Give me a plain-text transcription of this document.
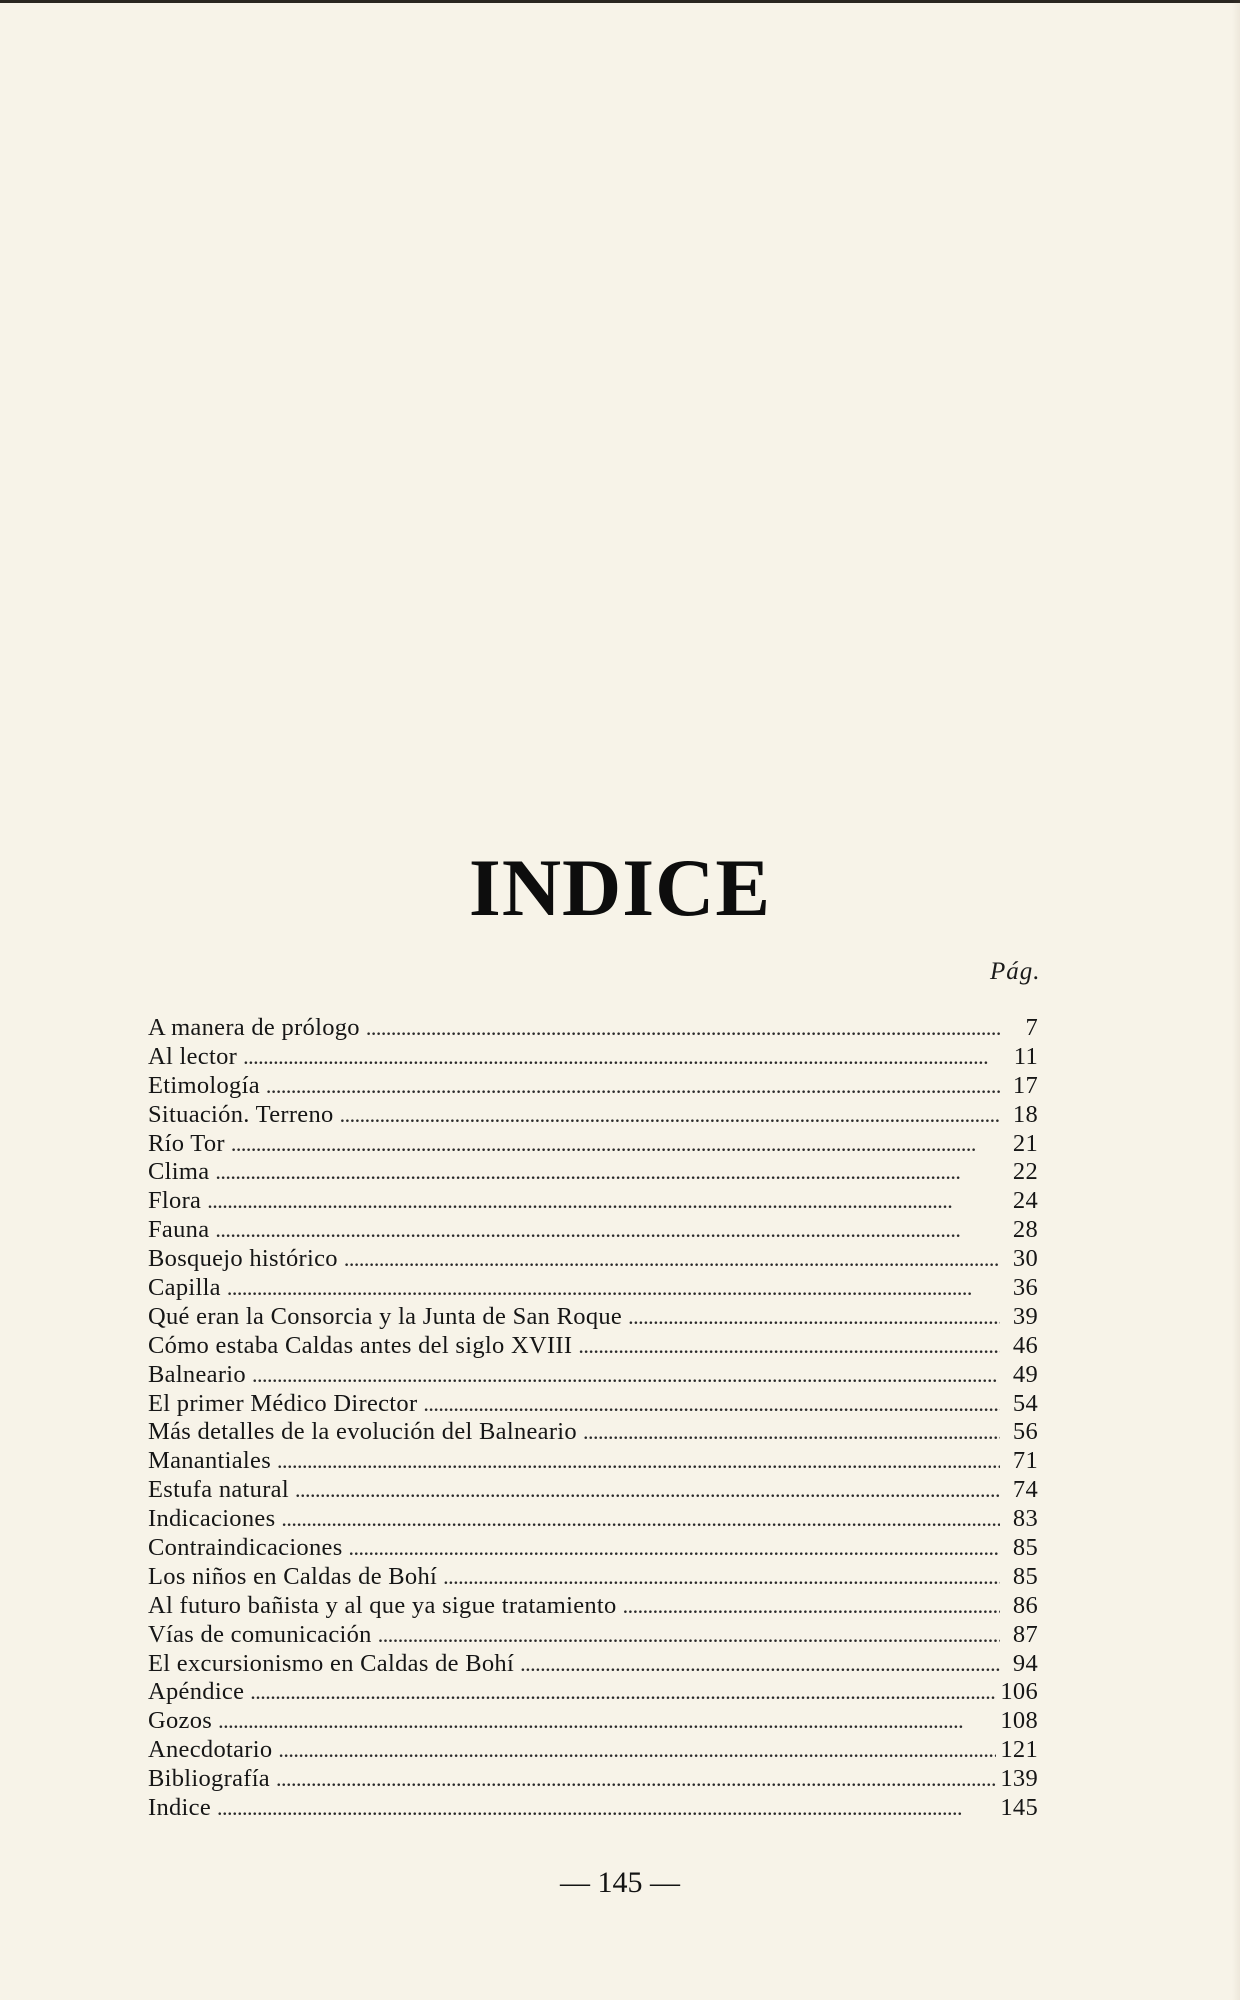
INDICE
Pág.
A manera de prólogo . . .	7
Al lector . . .	11
Etimología . . .	17
Situación. Terreno . . .	18
Río Tor . . .	21
Clima . . .	22
Flora . . .	24
Fauna . . .	28
Bosquejo histórico . . .	30
Capilla . . .	36
Qué eran la Consorcia y la Junta de San Roque . . .	39
Cómo estaba Caldas antes del siglo XVIII . . .	46
Balneario . . .	49
El primer Médico Director . . .	54
Más detalles de la evolución del Balneario . . .	56
Manantiales . . .	71
Estufa natural . . .	74
Indicaciones . . .	83
Contraindicaciones . . .	85
Los niños en Caldas de Bohí . . .	85
Al futuro bañista y al que ya sigue tratamiento . . .	86
Vías de comunicación . . .	87
El excursionismo en Caldas de Bohí . . .	94
Apéndice . . .	106
Gozos . . .	108
Anecdotario . . .	121
Bibliografía . . .	139
Indice . . .	145
— 145 —
